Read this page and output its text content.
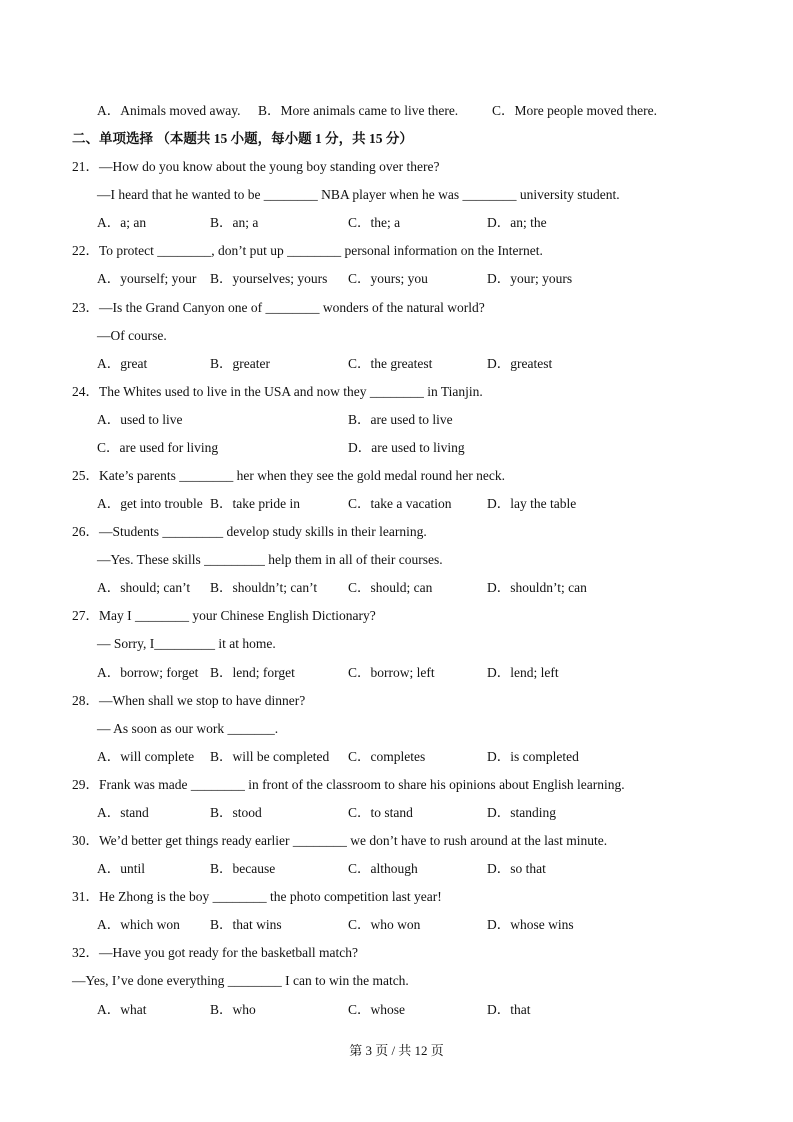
A．Animals moved away. B．More animals came to live there.	C．More people moved there.
二、单项选择 （本题共 15 小题，每小题 1 分，共 15 分）
21．—How do you know about the young boy standing over there?
—I heard that he wanted to be ________ NBA player when he was ________ university student.
A．a; an	B．an; a	C．the; a	D．an; the
22．To protect ________, don’t put up ________ personal information on the Internet.
A．yourself; your B．yourselves; yours C．yours; you	D．your; yours
23．—Is the Grand Canyon one of ________ wonders of the natural world?
—Of course.
A．great	B．greater	C．the greatest	D．greatest
24．The Whites used to live in the USA and now they ________ in Tianjin.
A．used to live	B．are used to live
C．are used for living	D．are used to living
25．Kate’s parents ________ her when they see the gold medal round her neck.
A．get into trouble B．take pride in	C．take a vacation	D．lay the table
26．—Students _________ develop study skills in their learning.
—Yes. These skills _________ help them in all of their courses.
A．should; can’t B．shouldn’t; can’t C．should; can	D．shouldn’t; can
27．May I ________ your Chinese English Dictionary?
— Sorry, I_________ it at home.
A．borrow; forget B．lend; forget	C．borrow; left	D．lend; left
28．—When shall we stop to have dinner?
— As soon as our work _______.
A．will complete B．will be completed C．completes	D．is completed
29．Frank was made ________ in front of the classroom to share his opinions about English learning.
A．stand	B．stood	C．to stand	D．standing
30．We’d better get things ready earlier ________ we don’t have to rush around at the last minute.
A．until	B．because	C．although	D．so that
31．He Zhong is the boy ________ the photo competition last year!
A．which won B．that wins	C．who won	D．whose wins
32．—Have you got ready for the basketball match?
—Yes, I’ve done everything ________ I can to win the match.
A．what	B．who	C．whose	D．that
第 3 页 / 共 12 页
